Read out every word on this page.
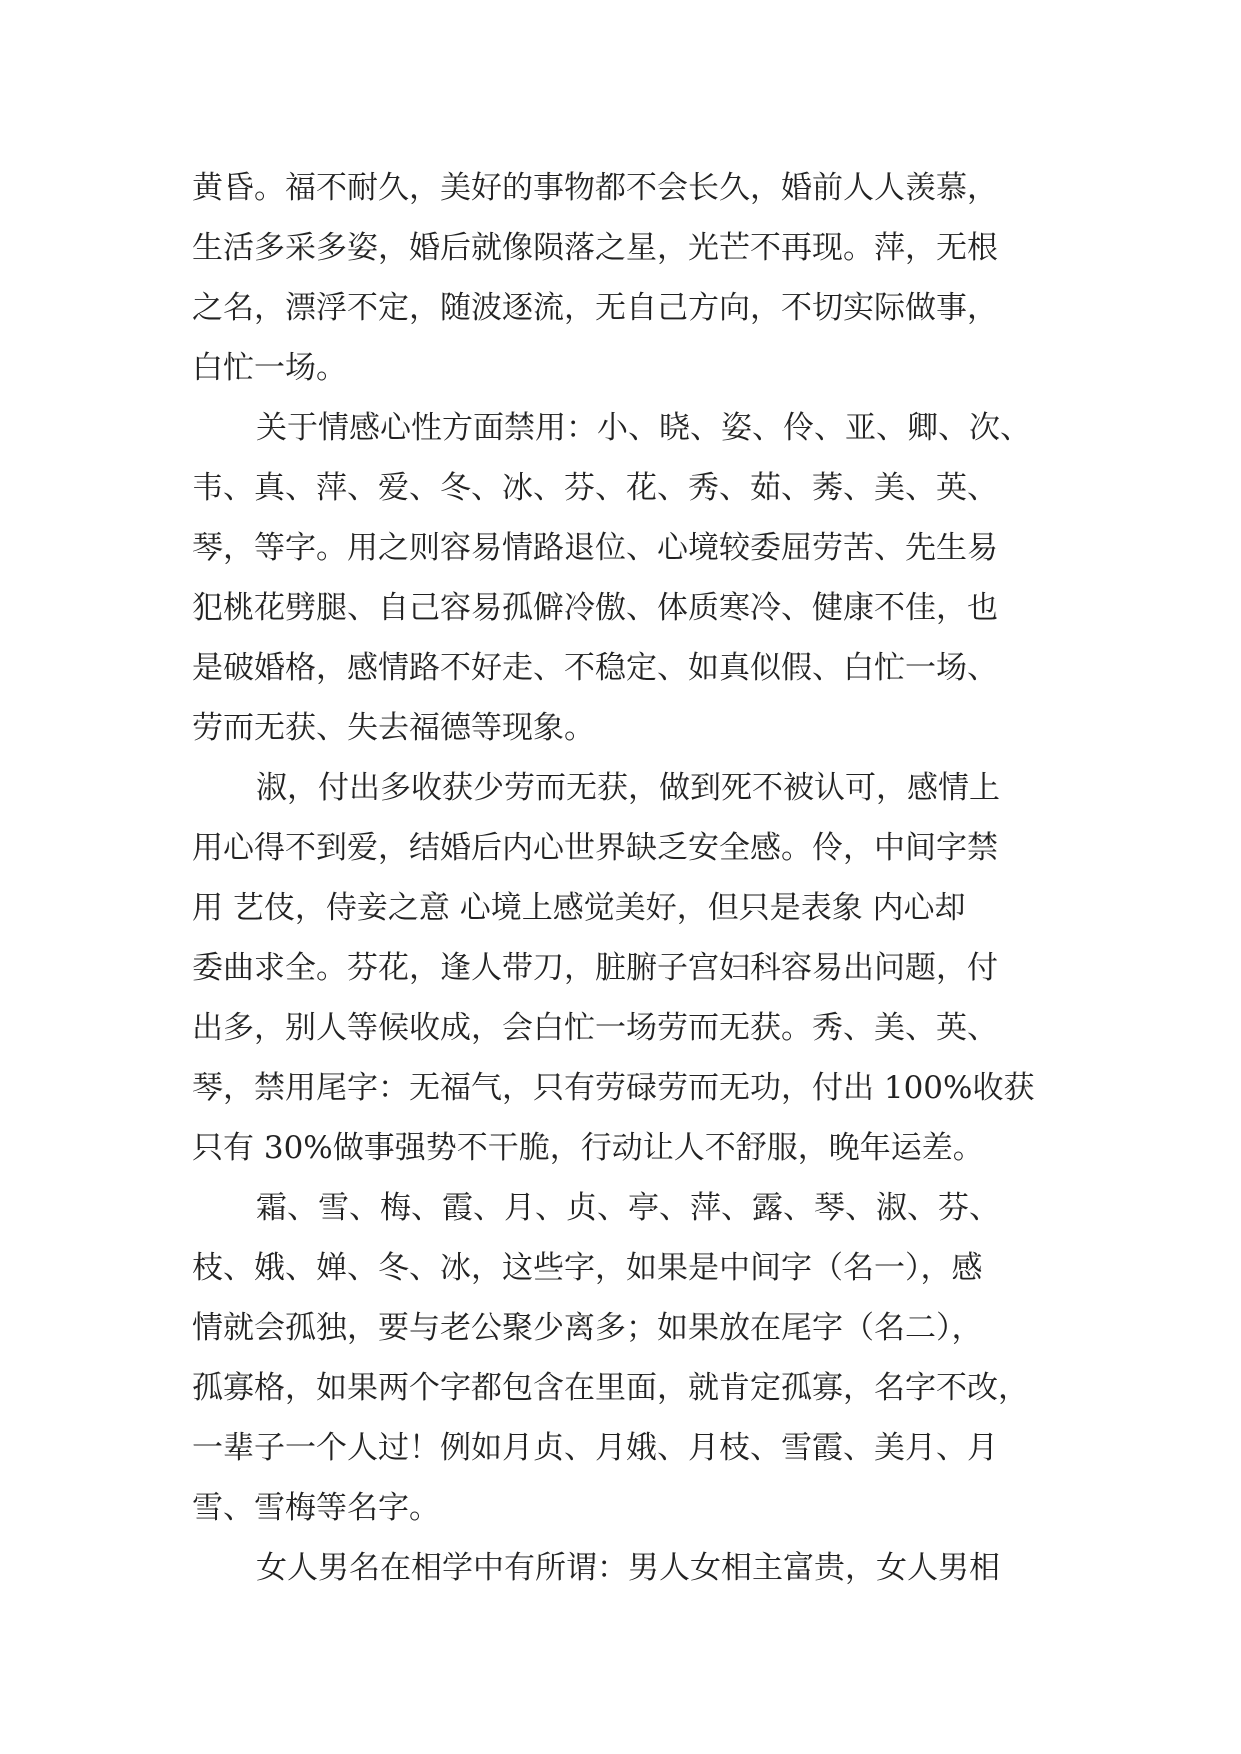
黄昏。福不耐久，美好的事物都不会长久，婚前人人羡慕，
生活多采多姿，婚后就像陨落之星，光芒不再现。萍，无根
之名，漂浮不定，随波逐流，无自己方向，不切实际做事，
白忙一场。
关于情感心性方面禁用：小、晓、姿、伶、亚、卿、次、
韦、真、萍、爱、冬、冰、芬、花、秀、茹、莠、美、英、
琴，等字。用之则容易情路退位、心境较委屈劳苦、先生易
犯桃花劈腿、自己容易孤僻冷傲、体质寒冷、健康不佳，也
是破婚格，感情路不好走、不稳定、如真似假、白忙一场、
劳而无获、失去福德等现象。
淑，付出多收获少劳而无获，做到死不被认可，感情上
用心得不到爱，结婚后内心世界缺乏安全感。伶，中间字禁
用 艺伎，侍妾之意 心境上感觉美好，但只是表象 内心却
委曲求全。芬花，逢人带刀，脏腑子宫妇科容易出问题，付
出多，别人等候收成，会白忙一场劳而无获。秀、美、英、
琴，禁用尾字：无福气，只有劳碌劳而无功，付出 100%收获
只有 30%做事强势不干脆，行动让人不舒服，晚年运差。
霜、雪、梅、霞、月、贞、亭、萍、露、琴、淑、芬、
枝、娥、婵、冬、冰，这些字，如果是中间字（名一），感
情就会孤独，要与老公聚少离多；如果放在尾字（名二），
孤寡格，如果两个字都包含在里面，就肯定孤寡，名字不改，
一辈子一个人过！例如月贞、月娥、月枝、雪霞、美月、月
雪、雪梅等名字。
女人男名在相学中有所谓：男人女相主富贵，女人男相
